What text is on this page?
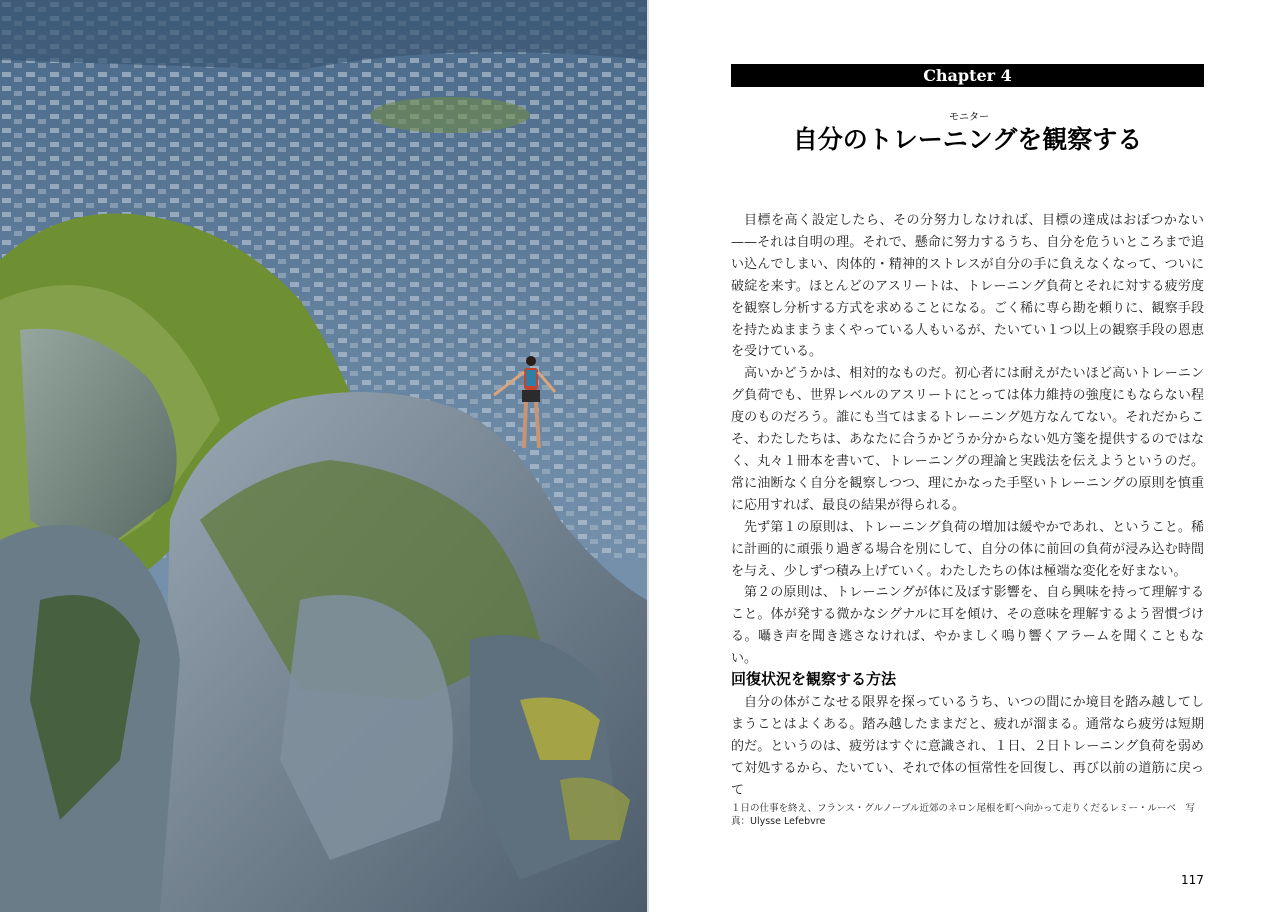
Chapter 4
モニター
自分のトレーニングを観察する

目標を高く設定したら、その分努力しなければ、目標の達成はおぼつかない——それは自明の理。それで、懸命に努力するうち、自分を危ういところまで追い込んでしまい、肉体的・精神的ストレスが自分の手に負えなくなって、ついに破綻を来す。ほとんどのアスリートは、トレーニング負荷とそれに対する疲労度を観察し分析する方式を求めることになる。ごく稀に専ら勘を頼りに、観察手段を持たぬままうまくやっている人もいるが、たいてい１つ以上の観察手段の恩恵を受けている。

高いかどうかは、相対的なものだ。初心者には耐えがたいほど高いトレーニング負荷でも、世界レベルのアスリートにとっては体力維持の強度にもならない程度のものだろう。誰にも当てはまるトレーニング処方なんてない。それだからこそ、わたしたちは、あなたに合うかどうか分からない処方箋を提供するのではなく、丸々１冊本を書いて、トレーニングの理論と実践法を伝えようというのだ。常に油断なく自分を観察しつつ、理にかなった手堅いトレーニングの原則を慎重に応用すれば、最良の結果が得られる。

先ず第１の原則は、トレーニング負荷の増加は緩やかであれ、ということ。稀に計画的に頑張り過ぎる場合を別にして、自分の体に前回の負荷が浸み込む時間を与え、少しずつ積み上げていく。わたしたちの体は極端な変化を好まない。

第２の原則は、トレーニングが体に及ぼす影響を、自ら興味を持って理解すること。体が発する微かなシグナルに耳を傾け、その意味を理解するよう習慣づける。囁き声を聞き逃さなければ、やかましく鳴り響くアラームを聞くこともない。

回復状況を観察する方法

自分の体がこなせる限界を探っているうち、いつの間にか境目を踏み越してしまうことはよくある。踏み越したままだと、疲れが溜まる。通常なら疲労は短期的だ。というのは、疲労はすぐに意識され、１日、２日トレーニング負荷を弱めて対処するから、たいてい、それで体の恒常性を回復し、再び以前の道筋に戻って

１日の仕事を終え、フランス・グルノーブル近郊のネロン尾根を町へ向かって走りくだるレミー・ルーベ　写真：Ulysse Lefebvre
117
